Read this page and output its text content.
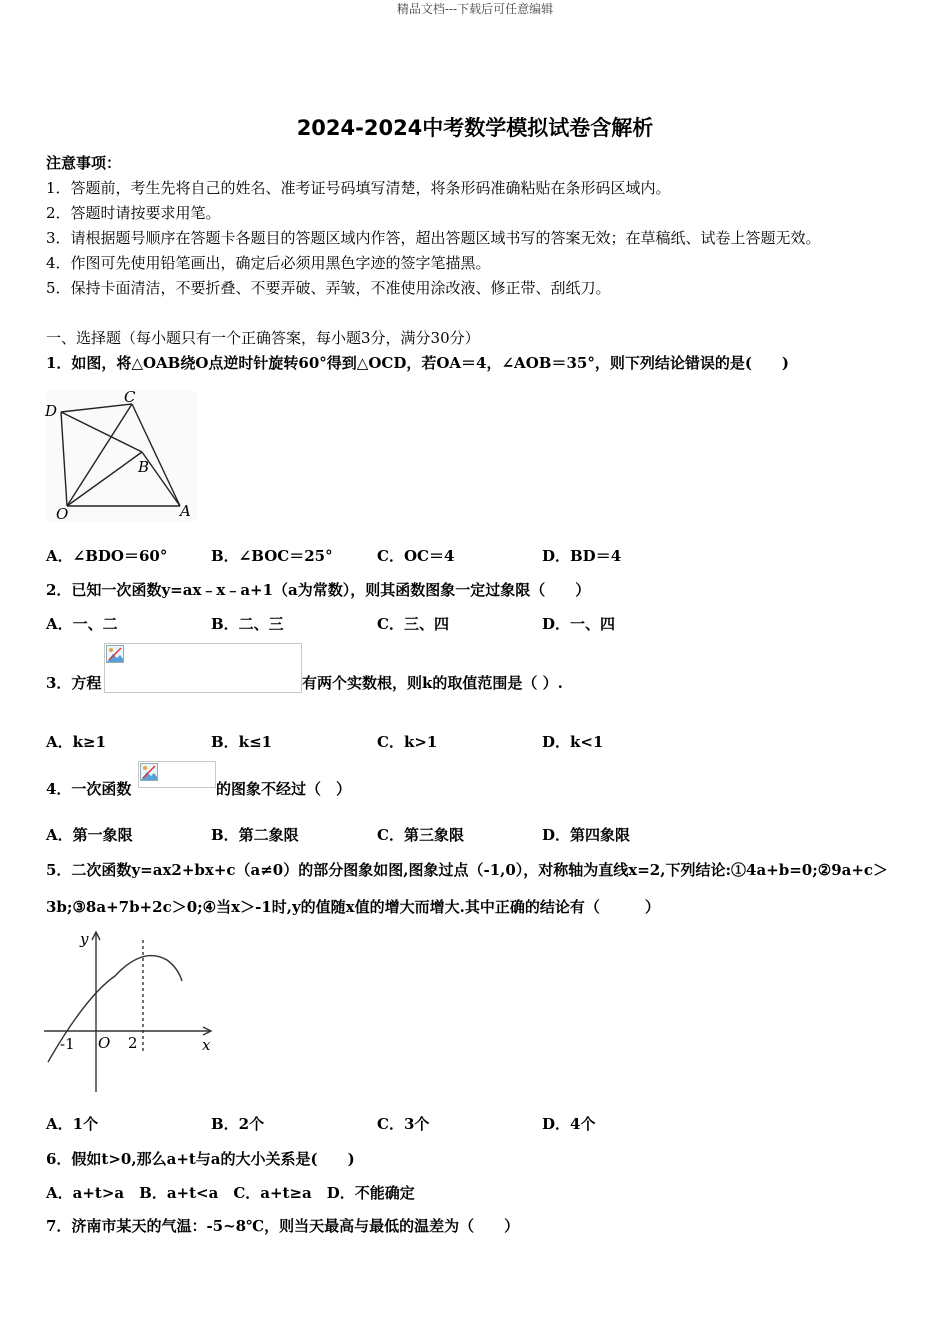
精品文档---下载后可任意编辑
2024-2024中考数学模拟试卷含解析
注意事项：
1．答题前，考生先将自己的姓名、准考证号码填写清楚，将条形码准确粘贴在条形码区域内。
2．答题时请按要求用笔。
3．请根据题号顺序在答题卡各题目的答题区域内作答，超出答题区域书写的答案无效；在草稿纸、试卷上答题无效。
4．作图可先使用铅笔画出，确定后必须用黑色字迹的签字笔描黑。
5．保持卡面清洁，不要折叠、不要弄破、弄皱，不准使用涂改液、修正带、刮纸刀。
一、选择题（每小题只有一个正确答案，每小题3分，满分30分）
1．如图，将△OAB绕O点逆时针旋转60°得到△OCD，若OA＝4，∠AOB＝35°，则下列结论错误的是(　　)
D
C
B
O	A
A．∠BDO＝60°	B．∠BOC＝25°	C．OC＝4	D．BD＝4
2．已知一次函数y=ax﹣x﹣a+1（a为常数），则其函数图象一定过象限（　　）
A．一、二	B．二、三	C．三、四	D．一、四
3．方程	有两个实数根，则k的取值范围是（ ）.
A．k≥1	B．k≤1	C．k>1	D．k<1
4．一次函数	的图象不经过（　）
A．第一象限	B．第二象限	C．第三象限	D．第四象限
5．二次函数y=ax2+bx+c（a≠0）的部分图象如图,图象过点（-1,0），对称轴为直线x=2,下列结论:①4a+b=0;②9a+c＞
3b;③8a+7b+2c＞0;④当x＞-1时,y的值随x值的增大而增大.其中正确的结论有（　　　）
y
x
-1 O 2
A．1个	B．2个	C．3个	D．4个
6．假如t>0,那么a+t与a的大小关系是(　　)
A．a+t>a　B．a+t<a　C．a+t≥a　D．不能确定
7．济南市某天的气温：-5~8℃，则当天最高与最低的温差为（　　）
